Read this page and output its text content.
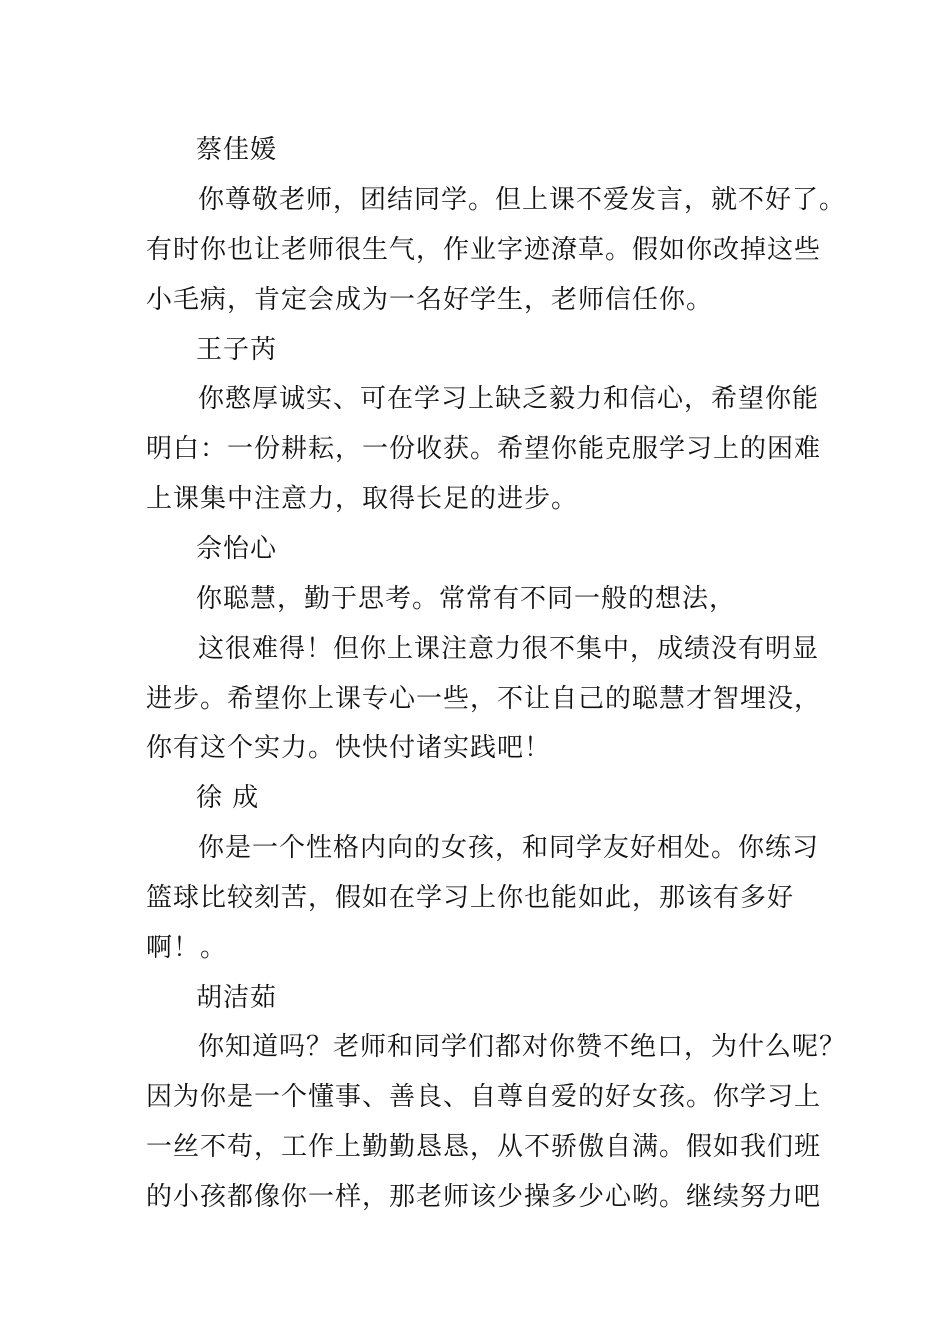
蔡佳媛
你尊敬老师，团结同学。但上课不爱发言，就不好了。
有时你也让老师很生气，作业字迹潦草。假如你改掉这些
小毛病，肯定会成为一名好学生，老师信任你。
王子芮
你憨厚诚实、可在学习上缺乏毅力和信心，希望你能
明白：一份耕耘，一份收获。希望你能克服学习上的困难
上课集中注意力，取得长足的进步。
佘怡心
你聪慧，勤于思考。常常有不同一般的想法，
这很难得！但你上课注意力很不集中，成绩没有明显
进步。希望你上课专心一些，不让自己的聪慧才智埋没，
你有这个实力。快快付诸实践吧！
徐 成
你是一个性格内向的女孩，和同学友好相处。你练习
篮球比较刻苦，假如在学习上你也能如此，那该有多好
啊！。
胡洁茹
你知道吗？老师和同学们都对你赞不绝口，为什么呢？
因为你是一个懂事、善良、自尊自爱的好女孩。你学习上
一丝不苟，工作上勤勤恳恳，从不骄傲自满。假如我们班
的小孩都像你一样，那老师该少操多少心哟。继续努力吧
